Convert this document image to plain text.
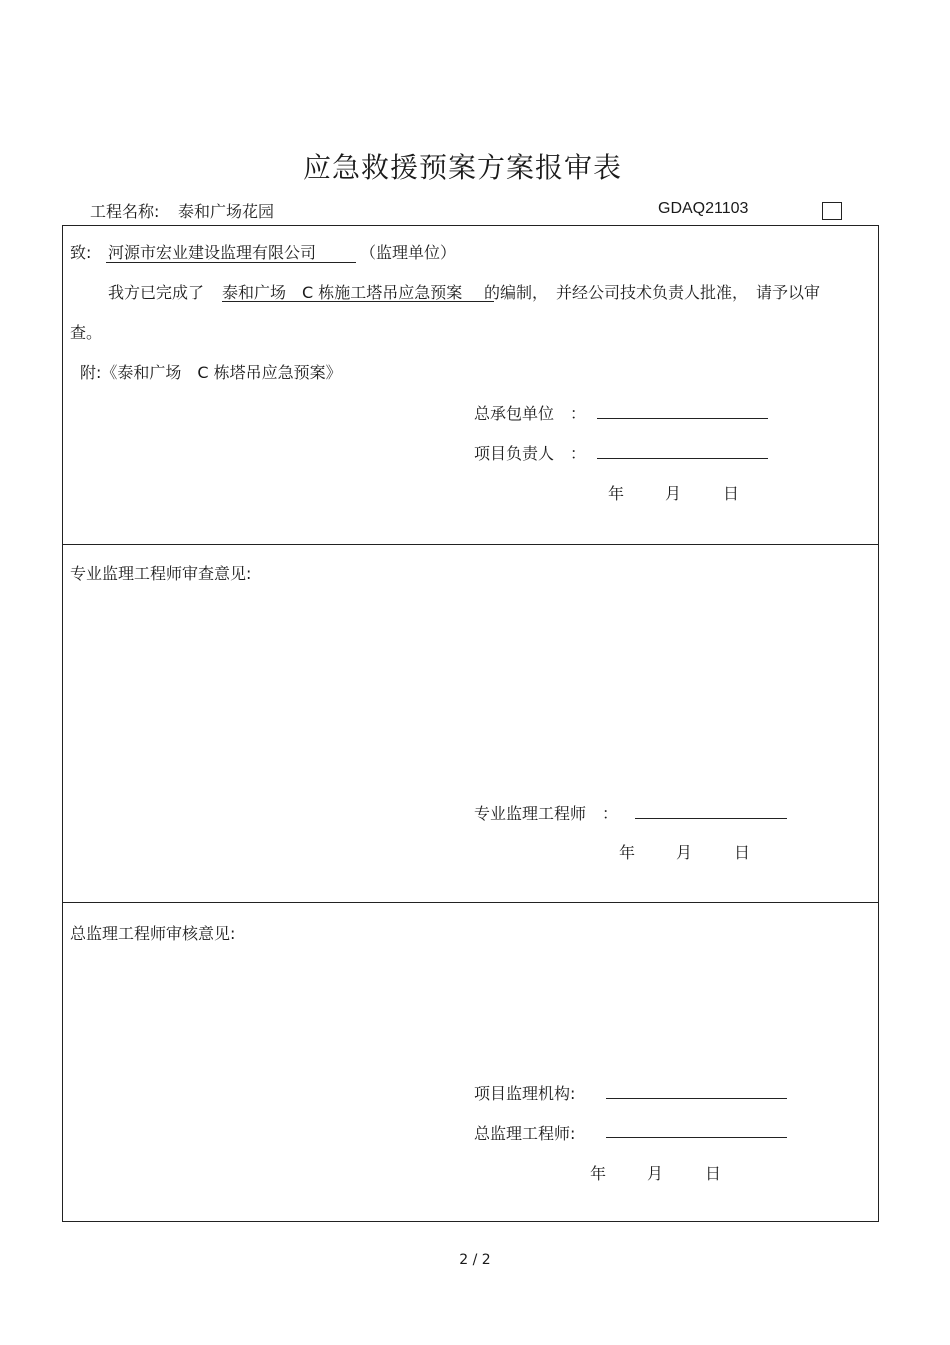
应急救援预案方案报审表
工程名称: 泰和广场花园	GDAQ21103
致: 河源市宏业建设监理有限公司	（监理单位）
我方已完成了 泰和广场　C 栋施工塔吊应急预案 的编制，　并经公司技术负责人批准，　请予以审
查。
附:《泰和广场　C 栋塔吊应急预案》
总承包单位　：
项目负责人　：
年	月	日
专业监理工程师审查意见:
专业监理工程师　：
年	月	日
总监理工程师审核意见:
项目监理机构:
总监理工程师:
年	月	日
2 / 2
